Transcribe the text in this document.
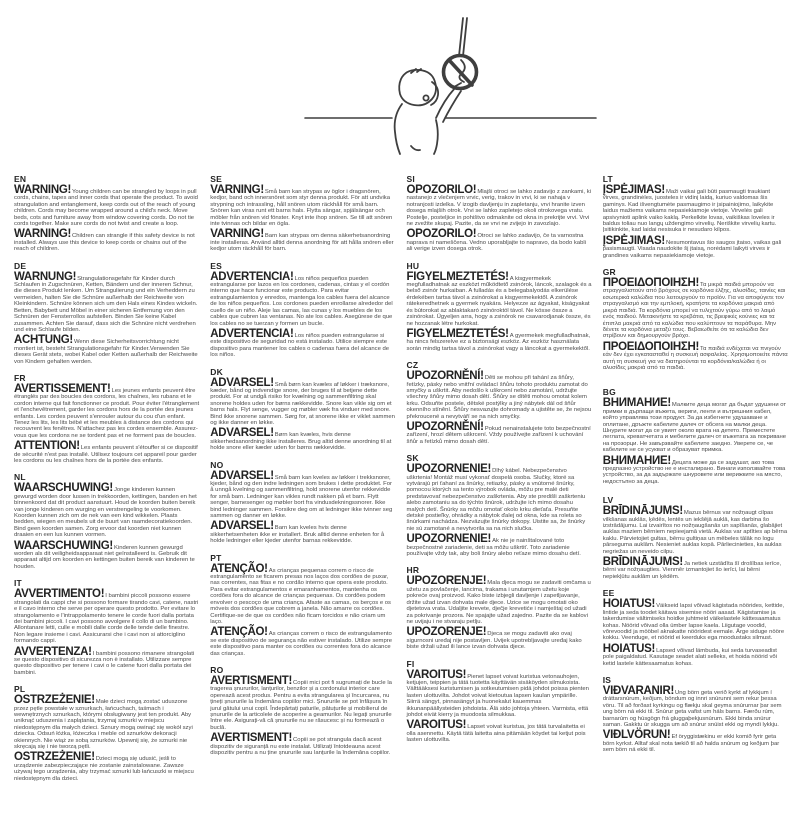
EN

WARNING!Young children can be strangled by loops in pull cords, chains, tapes and inner cords that operate the product. To avoid strangulation and entanglement, keep cords out of the reach of young children. Cords may become wrapped around a child's neck. Move beds, cots and furniture away from window covering cords. Do not tie cords together. Make sure cords do not twist and create a loop.

WARNING!Children can strangle if this safety device is not installed. Always use this device to keep cords or chains out of the reach of children.

DE

WARNUNG!Strangulationsgefahr für Kinder durch Schlaufen in Zugschnüren, Ketten, Bändern und der inneren Schnur, die dieses Produkt lenken. Um Strangulierung und ein Verheddern zu vermeiden, halten Sie die Schnüre außerhalb der Reichweite von Kleinkindern. Schnüre können sich um den Hals eines Kindes wickeln. Betten, Babybett und Möbel in einer sicheren Entfernung von den Schnüren der Fensterrollos aufstellen. Binden Sie keine Kabel zusammen. Achten Sie darauf, dass sich die Schnüre nicht verdrehen und eine Schlaufe bilden.

ACHTUNG!Wenn diese Sicherheitsvorrichtung nicht montiert ist, besteht Strangulationsgefahr für Kinder.Verwenden Sie dieses Gerät stets, wobei Kabel oder Ketten außerhalb der Reichweite von Kindern gehalten werden.

FR

AVERTISSEMENT!Les jeunes enfants peuvent être étranglés par des boucles des cordons, les chaînes, les rubans et le cordon interne qui fait fonctionner ce produit. Pour éviter l'étranglement et l'enchevêtrement, garder les cordons hors de la portée des jeunes enfants. Les cordes peuvent s'enrouler autour du cou d'un enfant. Tenez les lits, les lits bébé et les meubles à distance des cordons qui recouvrent les fenêtres. N'attachez pas les cordes ensemble. Assurez-vous que les cordons ne se tordent pas et ne forment pas de boucles.

ATTENTION!Les enfants peuvent s'étouffer si ce dispositif de sécurité n'est pas installé. Utilisez toujours cet appareil pour garder les cordons ou les chaînes hors de la portée des enfants.

NL

WAARSCHUWING!Jonge kinderen kunnen gewurgd worden door lussen in trekkoorden, kettingen, banden en het binnenkoord dat dit product aanstuurt. Houd de koorden buiten bereik van jonge kinderen om wurging en verstrengeling te voorkomen. Koorden kunnen zich om de nek van een kind wikkelen. Plaats bedden, wiegen en meubels uit de buurt van raamdecoratiekoorden. Bind geen koorden samen. Zorg ervoor dat koorden niet kunnen draaien en een lus kunnen vormen.

WAARSCHUWING!Kinderen kunnen gewurgd worden als dit veiligheidsapparaat niet geïnstalleerd is. Gebruik dit apparaat altijd om koorden en kettingen buiten bereik van kinderen te houden.

IT

AVVERTIMENTO!I bambini piccoli possono essere strangolati da cappi che si possono formare tirando cavi, catene, nastri e il cavo interno che serve per operare questo prodotto. Per evitare lo strangolamento e l'intrappolamento tenere le corde fuori dalla portata dei bambini piccoli. I cavi possono avvolgere il collo di un bambino. Allontanare letti, culle e mobili dalle corde delle tende delle finestre. Non legare insieme i cavi. Assicurarsi che i cavi non si attorciglino formando cappi.

AVVERTENZA!I bambini possono rimanere strangolati se questo dispositivo di sicurezza non è installato. Utilizzare sempre questo dispositivo per tenere i cavi o le catene fuori dalla portata dei bambini.

PL

OSTRZEŻENIE!Małe dzieci mogą zostać uduszone przez pętle powstałe w sznurkach, łańcuchach, taśmach i wewnętrznych sznurkach, którymi obsługiwany jest ten produkt. Aby uniknąć uduszenia i zaplątania, trzymaj sznurki w miejscu niedostępnym dla małych dzieci. Sznury mogą owinąć się wokół szyi dziecka. Odsuń łóżka, łóżeczka i meble od sznurków dekoracji okiennych. Nie wiąż ze sobą sznurków. Upewnij się, że sznurki nie skręcają się i nie tworzą pętli.

OSTRZEŻENIE!Dzieci mogą się udusić, jeśli to urządzenie zabezpieczające nie zostanie zainstalowane. Zawsze używaj tego urządzenia, aby trzymać sznurki lub łańcuszki w miejscu niedostępnym dla dzieci.

SE

VARNING!Små barn kan strypas av öglor i dragsnören, kedjor, band och innersnöret som styr denna produkt. För att undvika strypning och intrassling, håll snören utom räckhåll för små barn. Snören kan viras runt ett barns hals. Flytta sängar, spjälsängar och möbler från snören vid fönster. Knyt inte ihop snören. Se till att snören inte tvinnas och bildar en ögla.

VARNING!Barn kan strypas om denna säkerhetsanordning inte installeras. Använd alltid denna anordning för att hålla snören eller kedjor utom räckhåll för barn.

ES

ADVERTENCIA!Los niños pequeños pueden estrangularse por lazos en los cordones, cadenas, cintas y el cordón interno que hace funcionar este producto. Para evitar estrangulamientos y enredos, mantenga los cables fuera del alcance de los niños pequeños. Los cordones pueden enrollarse alrededor del cuello de un niño. Aleje las camas, las cunas y los muebles de los cables que cubren las ventanas. No ate los cables. Asegúrese de que los cables no se tuerzan y formen un bucle.

ADVERTENCIA!Los niños pueden estrangularse si este dispositivo de seguridad no está instalado. Utilice siempre este dispositivo para mantener los cables o cadenas fuera del alcance de los niños.

DK

ADVARSEL!Små børn kan kvæles af løkker i træksnore, kæder, bånd og indvendige snore, der bruges til at betjene dette produkt. For at undgå risiko for kvælning og sammenfiltring skal snorene holdes uden for børns rækkevidde. Snore kan vikle sig om et barns hals. Flyt senge, vugger og møbler væk fra vinduer med snore. Bind ikke snorene sammen. Sørg for, at snorene ikke er viklet sammen og ikke danner en løkke.

ADVARSEL!Børn kan kvæles, hvis denne sikkerhedsanordning ikke installeres. Brug altid denne anordning til at holde snore eller kæder uden for børns rækkevidde.

NO

ADVARSEL!Små barn kan kveles av løkker i trekksnorer, kjeder, bånd og den indre ledningen som brukes i dette produktet. For å unngå kvelning og sammenfiltring, hold snorene utenfor rekkevidde for små barn. Ledninger kan vikles rundt nakken på et barn. Flytt senger, barnesenger og møbler bort fra vindusdekningssnorer. Ikke bind ledninger sammen. Forsikre deg om at ledninger ikke tvinner seg sammen og danner en løkke.

ADVARSEL!Barn kan kveles hvis denne sikkerhetsenheten ikke er installert. Bruk alltid denne enheten for å holde ledninger eller kjeder utenfor barnas rekkevidde.

PT

ATENÇÃO!As crianças pequenas correm o risco de estrangulamento se ficarem presas nos laços dos cordões de puxar, nas correntes, nas fitas e no cordão interno que opera este produto. Para evitar estrangulamentos e emaranhamentos, mantenha os cordões fora do alcance de crianças pequenas. Os cordões podem envolver o pescoço de uma criança. Afaste as camas, os berços e os móveis dos cordões que cobrem a janela. Não amarre os cordões. Certifique-se de que os cordões não ficam torcidos e não criam um laço.

ATENÇÃO!As crianças correm o risco de estrangulamento se este dispositivo de segurança não estiver instalado. Utilize sempre este dispositivo para manter os cordões ou correntes fora do alcance das crianças.

RO

AVERTISMENT!Copiii mici pot fi sugrumați de bucle la tragerea șnururilor, lanțurilor, benzilor și a cordonului interior care operează acest produs. Pentru a evita strangularea și încurcarea, nu țineți șnururile la îndemâna copiilor mici. Șnururile se pot înfășura în jurul gâtului unui copil. Îndepărtați paturile, pătuțurile și mobilierul de șnururile de la articolele de acoperire a geamurilor. Nu legați șnururile între ele. Asigurați-vă că șnururile nu se răsucesc și nu formează o buclă.

AVERTISMENT!Copiii se pot strangula dacă acest dispozitiv de siguranță nu este instalat. Utilizați întotdeauna acest dispozitiv pentru a nu ține șnururile sau lanțurile la îndemâna copiilor.

SI

OPOZORILO!Mlajši otroci se lahko zadavijo z zankami, ki nastanejo z vlečenjem vrvic, verig, trakov in vrvi, ki se nahaja v notranjosti izdelka. V izogib davljenju in zapletanju, vrvi hranite izven dosega mlajših otrok. Vrvi se lahko zapletejo okoli otrokovega vratu. Postelje, posteljice in pohištvo odmaknite od okna in prekrijte vrvi. Vrvi ne zvežite skupaj. Pazite, da se vrvi ne zvijejo in zavozlajo.

OPOZORILO!Otroci se lahko zadavijo, če ta varnostna naprava ni nameščena. Vedno uporabljajte to napravo, da bodo kabli ali verige izven dosega otrok.

HU

FIGYELMEZTETÉS!A kisgyermekek megfulladhatnak az eszközt működtető zsinórok, láncok, szalagok és a belső zsinór hurkaiban. A fulladás és a belegabalyodás elkerülése érdekében tartsa távol a zsinórokat a kisgyermekektől. A zsinórok rátekeredhetnek a gyermek nyakára. Helyezze az ágyakat, kiságyakat és bútorokat az ablaktakaró zsinóroktól távol. Ne kösse össze a zsinórokat. Ügyeljen arra, hogy a zsinórok ne csavarodjanak össze, és ne hozzanak létre hurkokat.

FIGYELMEZTETÉS!A gyermekek megfulladhatnak, ha nincs felszerelve ez a biztonsági eszköz. Az eszköz használata során mindig tartsa távol a zsinórokat vagy a láncokat a gyermekektől.

CZ

UPOZORNĚNÍ!Děti se mohou při tahání za šňůry, řetízky, pásky nebo vnitřní ovládací šňůru tohoto produktu zamotat do smyčky a uškrtit. Aby nedošlo k uškrcení nebo zamotání, udržujte všechny šňůry mimo dosah dětí. Šňůry se dítěti mohou omotat kolem krku. Odsuňte postele, dětské postýlky a jiný nábytek dál od šňůr okenního stínění. Šňůry nesvazujte dohromady a ujistěte se, že nejsou překroucené a nevytváří se na nich smyčky.

UPOZORNĚNÍ!Pokud nenainstalujete toto bezpečnostní zařízení, hrozí dětem uškrcení. Vždy používejte zařízení k uchování šňůr a řetízků mimo dosah dětí.

SK

UPOZORNENIE!Dlhý kábel. Nebezpečenstvo uškrtenia! Montáž musí vykonať dospelá osoba. Slučky, ktoré sa vytvárajú pri ťahaní za šnúrky, retiazky, pásky a vnútorné šnúrky, pomocou ktorých sa tento výrobok ovláda, môžu pre malé deti predstavovať nebezpečenstvo zaškrtenia. Aby ste predišli zaškrteniu alebo zamotaniu sa do týchto šnúrok, udržujte ich mimo dosahu malých detí. Šnúrky sa môžu omotať okolo krku dieťaťa. Presuňte detské postieľky, ohrádky a nábytok ďalej od okna, kde sa roleta so šnúrkami nachádza. Nezväzujte šnúrky dokopy. Uistite sa, že šnúrky nie sú zamotané a nevytvorila sa na nich slučka.

UPOZORNENIE!Ak nie je nainštalované toto bezpečnostné zariadenie, deti sa môžu uškrtiť. Toto zariadenie používajte vždy tak, aby boli šnúry alebo reťaze mimo dosahu detí.

HR

UPOZORENJE!Mala djeca mogu se zadaviti omčama u užetu za povlačenje, lancima, trakama i unutarnjem užetu koje pokreće ovaj proizvod. Kako biste izbjegli davljenje i zapetljavanje, držite užad izvan dohvata male djece. Uzice se mogu omotati oko djetetova vrata. Udaljite krevete, dječje krevetiće i namještaj od užadi za pokrivanje prozora. Ne spajajte užad zajedno. Pazite da se kablovi ne uvijaju i ne stvaraju petlju.

UPOZORENJE!Djeca se mogu zadaviti ako ovaj sigurnosni uređaj nije postavljen. Uvijek upotrebljavajte uređaj kako biste držali užad ili lance izvan dohvata djece.

FI

VAROITUS!Pienet lapset voivat kuristua vetonauhojen, ketjujen, teippien ja tätä tuotetta käyttävän sisäköyden silmukoista. Välttääksesi kuristumisen ja sotkeutumisen pidä johdot poissa pienten lasten ulottuvilta. Johdot voivat kietoutua lapsen kaulan ympärille. Siirrä sängyt, pinnasängyt ja huonekalut kauemmas ikkunanpäällysteiden johdoista. Älä sido johtoja yhteen. Varmista, että johdot eivät kierry ja muodosta silmukkaa.

VAROITUS!Lapset voivat kuristua, jos tätä turvalaitetta ei olla asennettu. Käytä tätä laitetta aina pitämään köydet tai ketjut pois lasten ulottuvilta.

LT

ĮSPĖJIMAS!Maži vaikai gali būti pasmaugti traukiant virves, grandinėles, juosteles ir vidinį laidą, kuriuo valdomas šis gaminys. Kad išvengtumėte pasmaugimo ir įsipainiojimo, laikykite laidus mažiems vaikams nepasiekiamoje vietoje. Virvelės gali apsivynioti aplink vaiko kaklą. Perkelkite lovas, vaikiškas loveles ir baldus toliau nuo langų uždengimo virvelių. Neriškite virvelių kartu. Įsitikinkite, kad laidai nesisuka ir nesudaro kilpos.

ĮSPĖJIMAS!Nesumontavus šio saugos įtaiso, vaikas gali pasismaugti. Visada naudokite šį įtaisą, norėdami laikyti virves ir grandines vaikams nepasiekiamoje vietoje.

GR

ΠΡΟΕΙΔΟΠΟΙΗΣΗ!Τα μικρά παιδιά μπορούν να στραγγαλιστούν από βρόχους σε κορδόνια έλξης, αλυσίδες, ταινίες και εσωτερικά καλώδια που λειτουργούν το προϊόν. Για να αποφύγετε τον στραγγαλισμό και την εμπλοκή, κρατήστε τα κορδόνια μακριά από μικρά παιδιά. Τα κορδόνια μπορεί να τυλιχτούν γύρω από το λαιμό ενός παιδιού. Μετακινήστε τα κρεβάτια, τις βρεφικές κούνιες και τα έπιπλα μακριά από τα καλώδια που καλύπτουν τα παράθυρα. Μην δένετε τα κορδόνια μεταξύ τους. Βεβαιωθείτε ότι τα καλώδια δεν στρίβουν και δημιουργούν βρόχο.

ΠΡΟΕΙΔΟΠΟΙΗΣΗ!Τα παιδιά ενδέχεται να πνιγούν εάν δεν έχει εγκατασταθεί η συσκευή ασφαλείας. Χρησιμοποιείτε πάντα αυτή τη συσκευή για να διατηρούνται τα κορδόνια/καλώδια ή οι αλυσίδες μακριά από τα παιδιά.

BG

ВНИМАНИЕ!Малките деца могат да бъдат удушени от примки в дърпащи въжета, вериги, ленти и вътрешния кабел, който управлява този продукт. За да избегнете удушаване и оплитане, дръжте кабелите далеч от обсега на малки деца. Шнурите могат да се увият около врата на детето. Преместете леглата, креватчетата и мебелите далеч от въжетата за покриване на прозорци. Не завързвайте кабелите заедно. Уверете се, че кабелите не се усукват и образуват примка.

ВНИМАНИЕ!Децата може да се задушат, ако това предпазно устройство не е инсталирано. Винаги използвайте това устройство, за да задържате шнуровете или верижките на място, недостъпно за деца.

LV

BRĪDINĀJUMS!Mazus bērnus var nožņaugt cilpas vilkšanas auklās, ķēdēs, lentēs un iekšējā auklā, kas darbina šo izstrādājumu. Lai izvairītos no nožņaugšanās un sapīšanās, glabājiet auklas maziem bērniem nepieejamā vietā. Auklas var aptīties ap bērna kaklu. Pārvietojiet gultas, bērnu gultiņas un mēbeles tālāk no logu pārseguma auklām. Nesieniet auklas kopā. Pārliecinieties, ka auklas negriežas un neveido cilpu.

BRĪDINĀJUMS!Ja netiek uzstādīta šī drošības ierīce, bērni var nožņaugties. Vienmēr izmantojiet šo ierīci, lai bērni nepiekļūtu auklām un ķēdēm.

EE

HOIATUS!Väikseid lapsi võivad kägistada nöörides, kettide, lintide ja seda toodet käitava sisemise nööri aasad. Kägistamise ja takerdumise vältimiseks hoidke juhtmeid väikelastele kättesaamatus kohas. Nöörid võivad olla ümber lapse kaela. Liigutage voodid, võrevoodid ja mööbel aknakatte nööridest eemale. Ärge siduge nööre kokku. Veenduge, et nöörid ei keerduks ega moodustaks silmust.

HOIATUS!Lapsed võivad lämbuda, kui seda turvaseadist pole paigaldatud. Kasutage seadet alati selleks, et hoida nöörid või ketid lastele kättesaamatus kohas.

IS

VIÐVARANIR!Ung börn geta verið kyrkt af lykkjum í dráttarsnúrum, keðjum, böndum og innri snúrunni sem rekur þessa vöru. Til að forðast kyrkingu og flækju skal geyma snúrurnar þar sem ung börn ná ekki til. Snúrur geta vafist um háls barns. Færðu rúm, barnarúm og húsgögn frá gluggaþekjusnúrum. Ekki binda snúrur saman. Gakktu úr skugga um að snúrur snúist ekki og myndi lykkju.

VIÐLVÖRUN!Ef öryggistækinu er ekki komið fyrir geta börn kyrkst. Alltaf skal nota tækið til að halda snúrum og keðjum þar sem börn ná ekki til.
